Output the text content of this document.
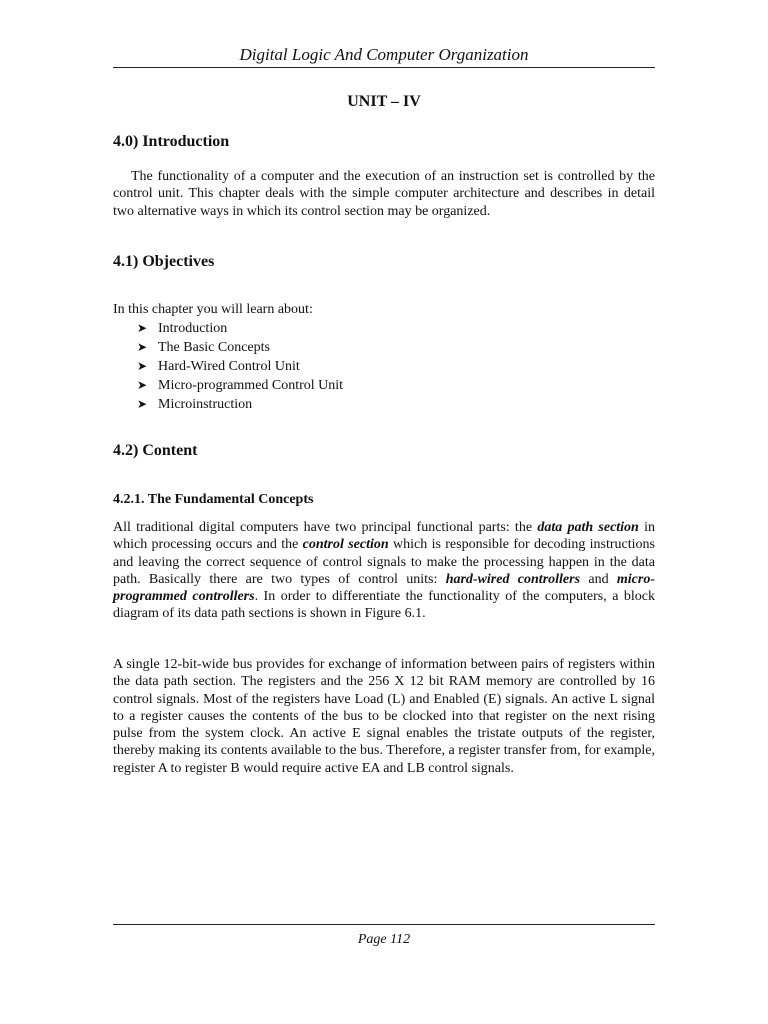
Digital Logic And Computer Organization
UNIT – IV
4.0) Introduction
The functionality of a computer and the execution of an instruction set is controlled by the control unit. This chapter deals with the simple computer architecture and describes in detail two alternative ways in which its control section may be organized.
4.1) Objectives
In this chapter you will learn about:
➤ Introduction
➤ The Basic Concepts
➤ Hard-Wired Control Unit
➤ Micro-programmed Control Unit
➤ Microinstruction
4.2) Content
4.2.1. The Fundamental Concepts
All traditional digital computers have two principal functional parts: the data path section in which processing occurs and the control section which is responsible for decoding instructions and leaving the correct sequence of control signals to make the processing happen in the data path. Basically there are two types of control units: hard-wired controllers and micro-programmed controllers. In order to differentiate the functionality of the computers, a block diagram of its data path sections is shown in Figure 6.1.
A single 12-bit-wide bus provides for exchange of information between pairs of registers within the data path section. The registers and the 256 X 12 bit RAM memory are controlled by 16 control signals. Most of the registers have Load (L) and Enabled (E) signals. An active L signal to a register causes the contents of the bus to be clocked into that register on the next rising pulse from the system clock. An active E signal enables the tristate outputs of the register, thereby making its contents available to the bus. Therefore, a register transfer from, for example, register A to register B would require active EA and LB control signals.
Page 112
